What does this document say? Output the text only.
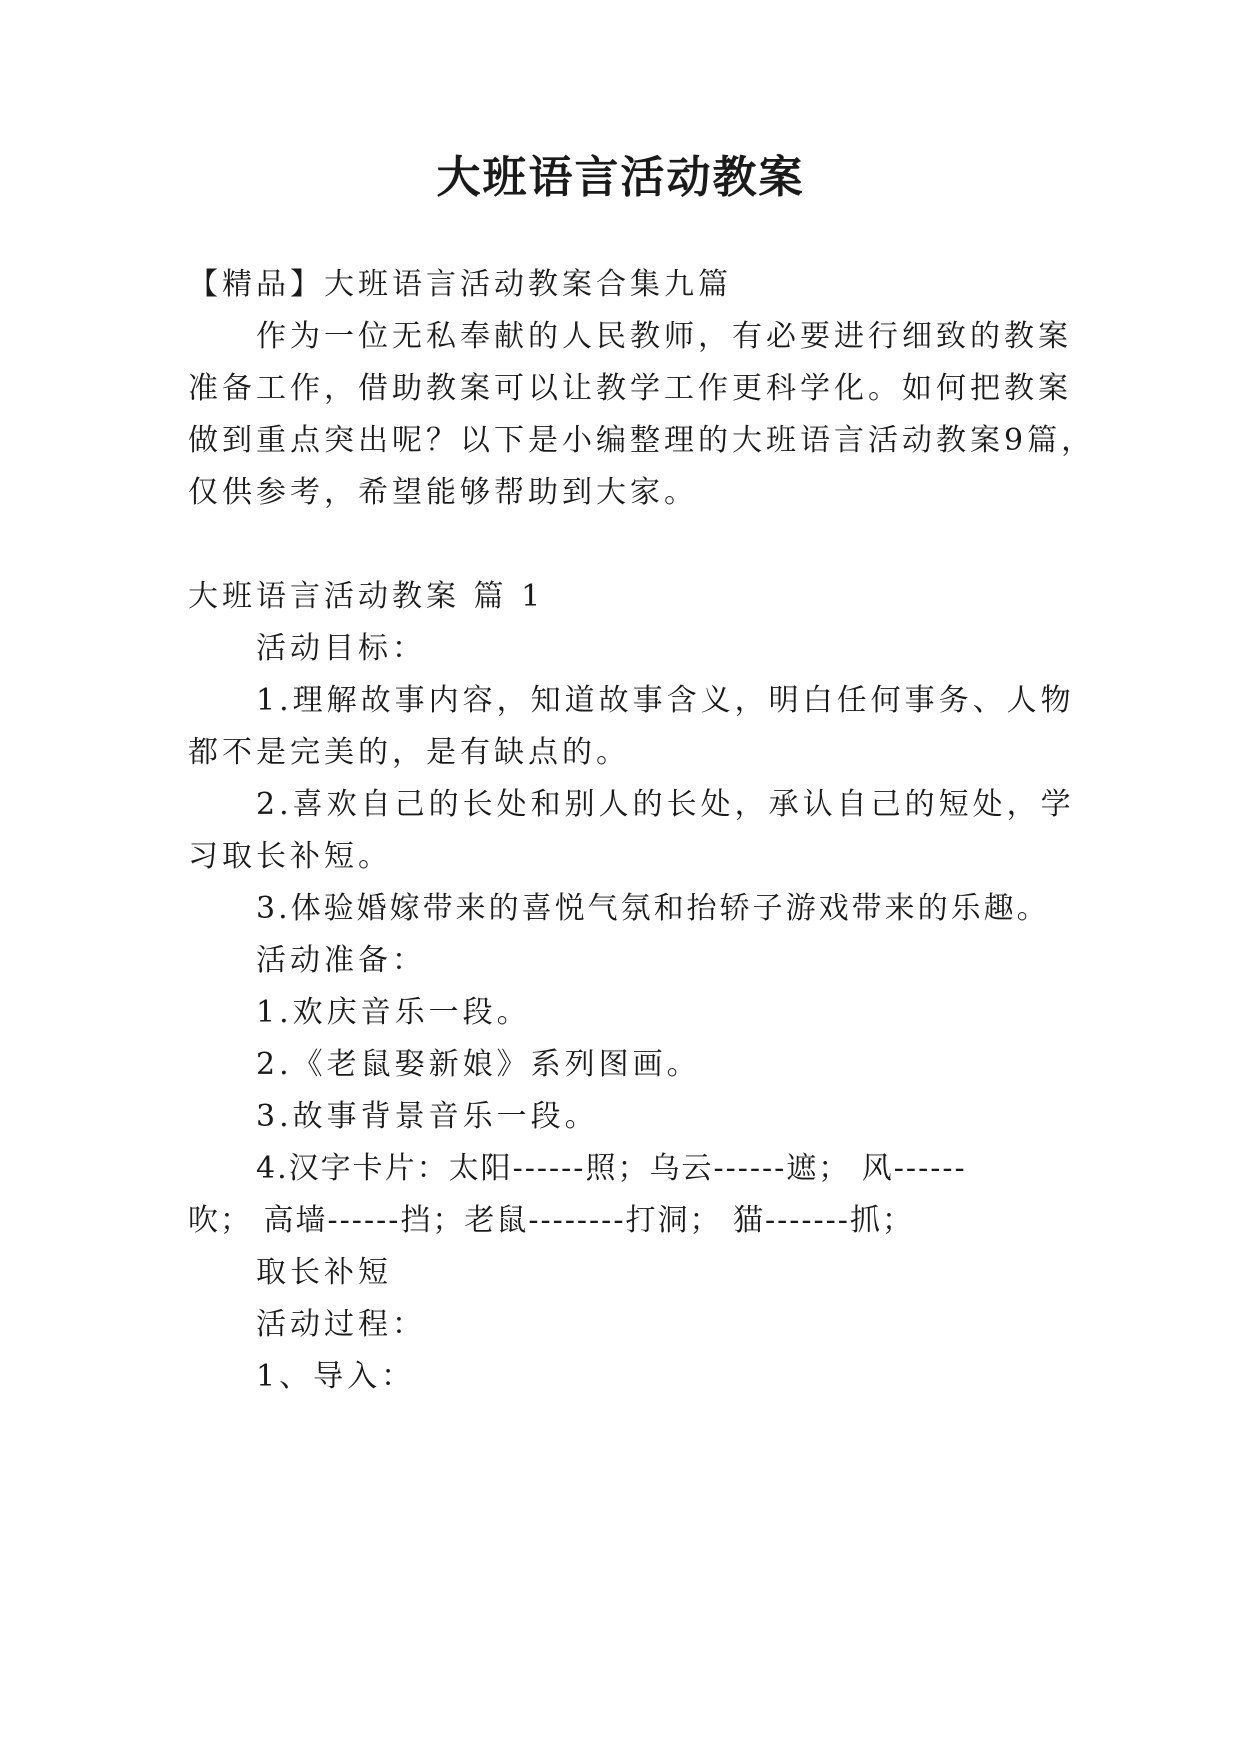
大班语言活动教案
【精品】大班语言活动教案合集九篇
作为一位无私奉献的人民教师，有必要进行细致的教案
准备工作，借助教案可以让教学工作更科学化。如何把教案
做到重点突出呢？以下是小编整理的大班语言活动教案9篇，
仅供参考，希望能够帮助到大家。
大班语言活动教案 篇 1
活动目标：
1.理解故事内容，知道故事含义，明白任何事务、人物
都不是完美的，是有缺点的。
2.喜欢自己的长处和别人的长处，承认自己的短处，学
习取长补短。
3.体验婚嫁带来的喜悦气氛和抬轿子游戏带来的乐趣。
活动准备：
1.欢庆音乐一段。
2.《老鼠娶新娘》系列图画。
3.故事背景音乐一段。
4.汉字卡片：太阳------照；乌云------遮； 风------
吹； 高墙------挡；老鼠--------打洞； 猫-------抓；
取长补短
活动过程：
1、导入：
